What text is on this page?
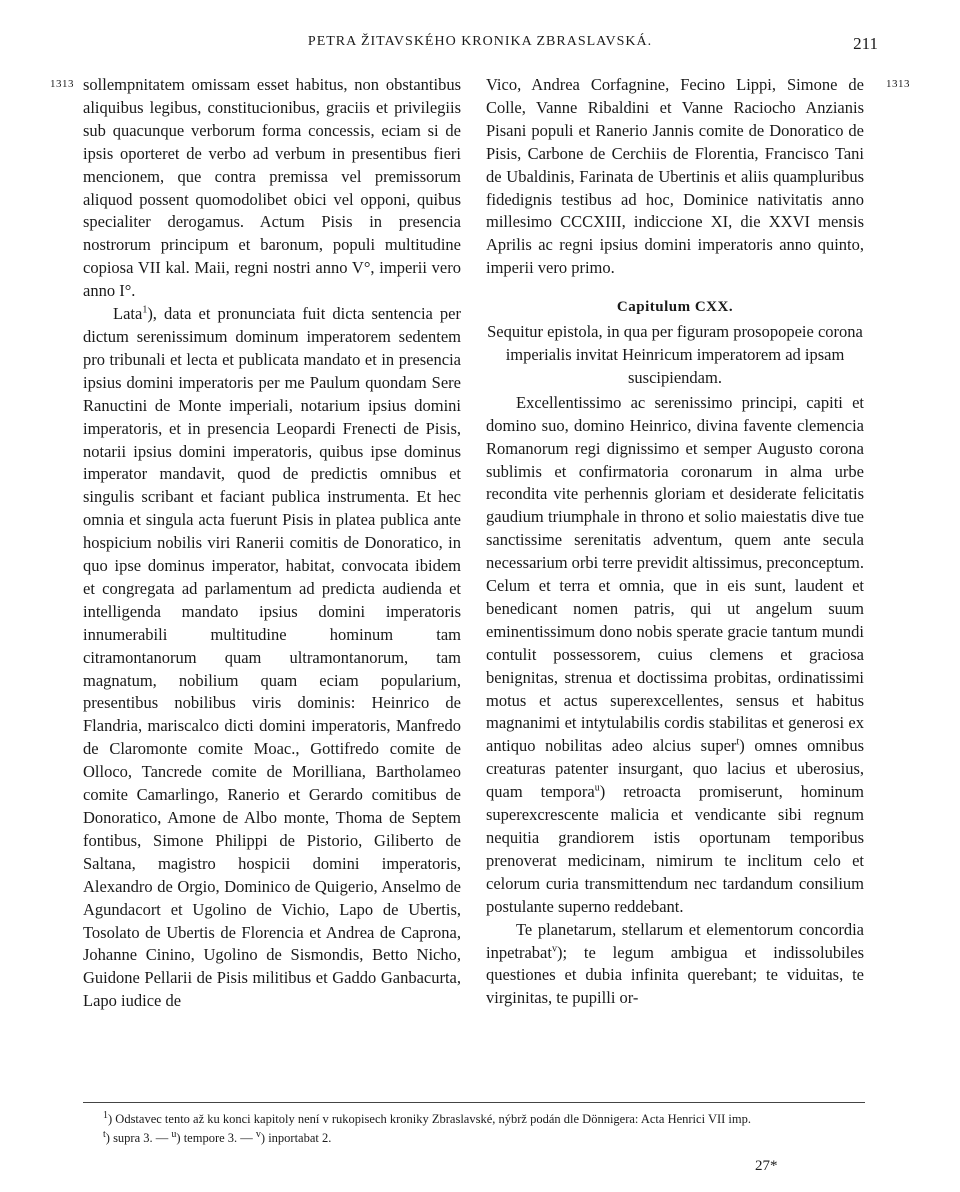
PETRA ŽITAVSKÉHO KRONIKA ZBRASLAVSKÁ.	211
1313	1313

sollempnitatem omissam esset habitus, non obstantibus aliquibus legibus, constitucionibus, graciis et privilegiis sub quacunque verborum forma concessis, eciam si de ipsis oporteret de verbo ad verbum in presentibus fieri mencionem, que contra premissa vel premissorum aliquod possent quomodolibet obici vel opponi, quibus specialiter derogamus. Actum Pisis in presencia nostrorum principum et baronum, populi multitudine copiosa VII kal. Maii, regni nostri anno V°, imperii vero anno I°.

Lata$^1$), data et pronunciata fuit dicta sentencia per dictum serenissimum dominum imperatorem sedentem pro tribunali et lecta et publicata mandato et in presencia ipsius domini imperatoris per me Paulum quondam Sere Ranuctini de Monte imperiali, notarium ipsius domini imperatoris, et in presencia Leopardi Frenecti de Pisis, notarii ipsius domini imperatoris, quibus ipse dominus imperator mandavit, quod de predictis omnibus et singulis scribant et faciant publica instrumenta. Et hec omnia et singula acta fuerunt Pisis in platea publica ante hospicium nobilis viri Ranerii comitis de Donoratico, in quo ipse dominus imperator, habitat, convocata ibidem et congregata ad parlamentum ad predicta audienda et intelligenda mandato ipsius domini imperatoris innumerabili multitudine hominum tam citramontanorum quam ultramontanorum, tam magnatum, nobilium quam eciam popularium, presentibus nobilibus viris dominis: Heinrico de Flandria, mariscalco dicti domini imperatoris, Manfredo de Claromonte comite Moac., Gottifredo comite de Olloco, Tancrede comite de Morilliana, Bartholameo comite Camarlingo, Ranerio et Gerardo comitibus de Donoratico, Amone de Albo monte, Thoma de Septem fontibus, Simone Philippi de Pistorio, Giliberto de Saltana, magistro hospicii domini imperatoris, Alexandro de Orgio, Dominico de Quigerio, Anselmo de Agundacort et Ugolino de Vichio, Lapo de Ubertis, Tosolato de Ubertis de Florencia et Andrea de Caprona, Johanne Cinino, Ugolino de Sismondis, Betto Nicho, Guidone Pellarii de Pisis militibus et Gaddo Ganbacurta, Lapo iudice de

Vico, Andrea Corfagnine, Fecino Lippi, Simone de Colle, Vanne Ribaldini et Vanne Raciocho Anzianis Pisani populi et Ranerio Jannis comite de Donoratico de Pisis, Carbone de Cerchiis de Florentia, Francisco Tani de Ubaldinis, Farinata de Ubertinis et aliis quampluribus fidedignis testibus ad hoc, Dominice nativitatis anno millesimo CCCXIII, indiccione XI, die XXVI mensis Aprilis ac regni ipsius domini imperatoris anno quinto, imperii vero primo.

Capitulum CXX.

Sequitur epistola, in qua per figuram prosopopeie corona imperialis invitat Heinricum imperatorem ad ipsam suscipiendam.

Excellentissimo ac serenissimo principi, capiti et domino suo, domino Heinrico, divina favente clemencia Romanorum regi dignissimo et semper Augusto corona sublimis et confirmatoria coronarum in alma urbe recondita vite perhennis gloriam et desiderate felicitatis gaudium triumphale in throno et solio maiestatis dive tue sanctissime serenitatis adventum, quem ante secula necessarium orbi terre previdit altissimus, preconceptum. Celum et terra et omnia, que in eis sunt, laudent et benedicant nomen patris, qui ut angelum suum eminentissimum dono nobis sperate gracie tantum mundi contulit possessorem, cuius clemens et graciosa benignitas, strenua et doctissima probitas, ordinatissimi motus et actus superexcellentes, sensus et habitus magnanimi et intytulabilis cordis stabilitas et generosi ex antiquo nobilitas adeo alcius super$^t$) omnes omnibus creaturas patenter insurgant, quo lacius et uberosius, quam tempora$^u$) retroacta promiserunt, hominum superexcrescente malicia et vendicante sibi regnum nequitia grandiorem istis oportunam temporibus prenoverat medicinam, nimirum te inclitum celo et celorum curia transmittendum nec tardandum consilium postulante superno reddebant.

Te planetarum, stellarum et elementorum concordia inpetrabat$^v$); te legum ambigua et indissolubiles questiones et dubia infinita querebant; te viduitas, te virginitas, te pupilli or-

$^1$) Odstavec tento až ku konci kapitoly není v rukopisech kroniky Zbraslavské, nýbrž podán dle Dönnigera: Acta Henrici VII imp.

$^t$) supra 3. — $^u$) tempore 3. — $^v$) inportabat 2.

27*
